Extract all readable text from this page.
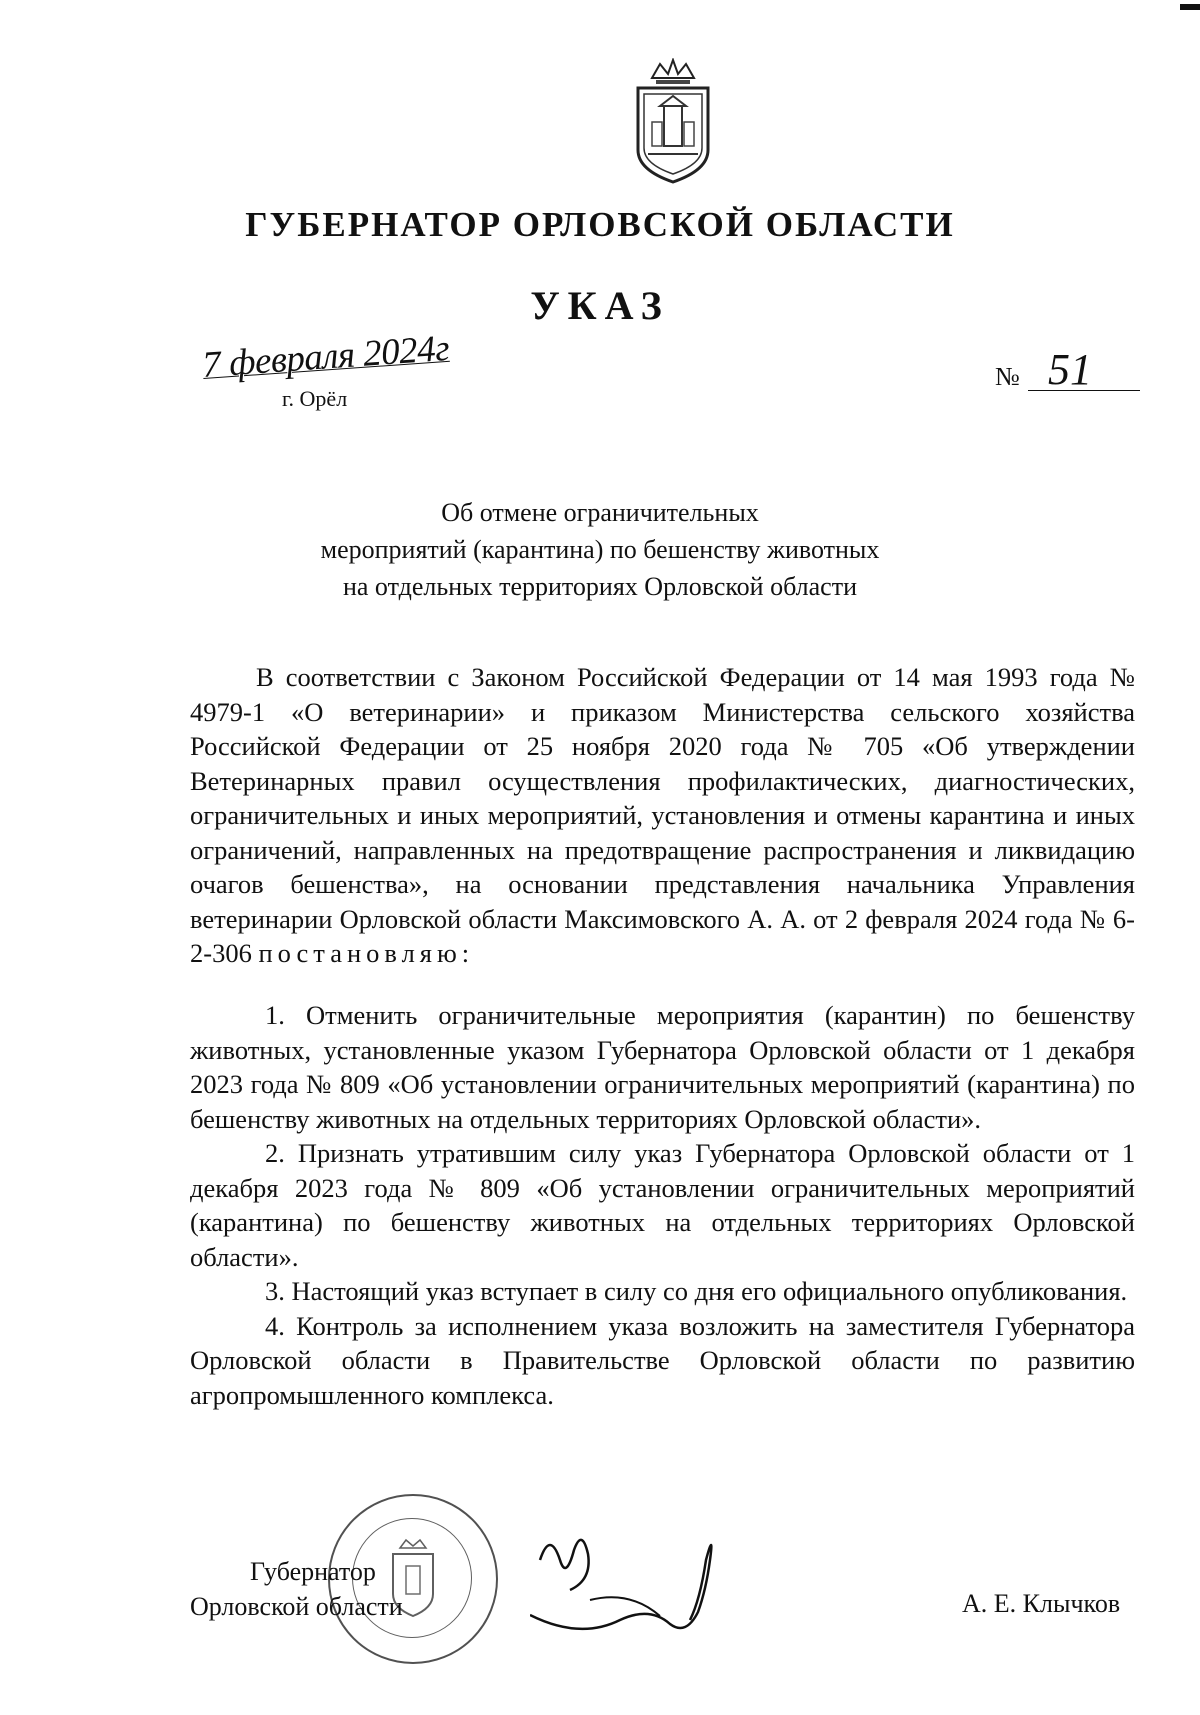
ГУБЕРНАТОР ОРЛОВСКОЙ ОБЛАСТИ
УКАЗ
7 февраля 2024г
г. Орёл
№ 51
Об отмене ограничительных
мероприятий (карантина) по бешенству животных
на отдельных территориях Орловской области
В соответствии с Законом Российской Федерации от 14 мая 1993 года № 4979-1 «О ветеринарии» и приказом Министерства сельского хозяйства Российской Федерации от 25 ноября 2020 года № 705 «Об утверждении Ветеринарных правил осуществления профилактических, диагностических, ограничительных и иных мероприятий, установления и отмены карантина и иных ограничений, направленных на предотвращение распространения и ликвидацию очагов бешенства», на основании представления начальника Управления ветеринарии Орловской области Максимовского А. А. от 2 февраля 2024 года № 6-2-306 постановляю:

1. Отменить ограничительные мероприятия (карантин) по бешенству животных, установленные указом Губернатора Орловской области от 1 декабря 2023 года № 809 «Об установлении ограничительных мероприятий (карантина) по бешенству животных на отдельных территориях Орловской области».

2. Признать утратившим силу указ Губернатора Орловской области от 1 декабря 2023 года № 809 «Об установлении ограничительных мероприятий (карантина) по бешенству животных на отдельных территориях Орловской области».

3. Настоящий указ вступает в силу со дня его официального опубликования.

4. Контроль за исполнением указа возложить на заместителя Губернатора Орловской области в Правительстве Орловской области по развитию агропромышленного комплекса.

Губернатор
Орловской области	А. Е. Клычков
